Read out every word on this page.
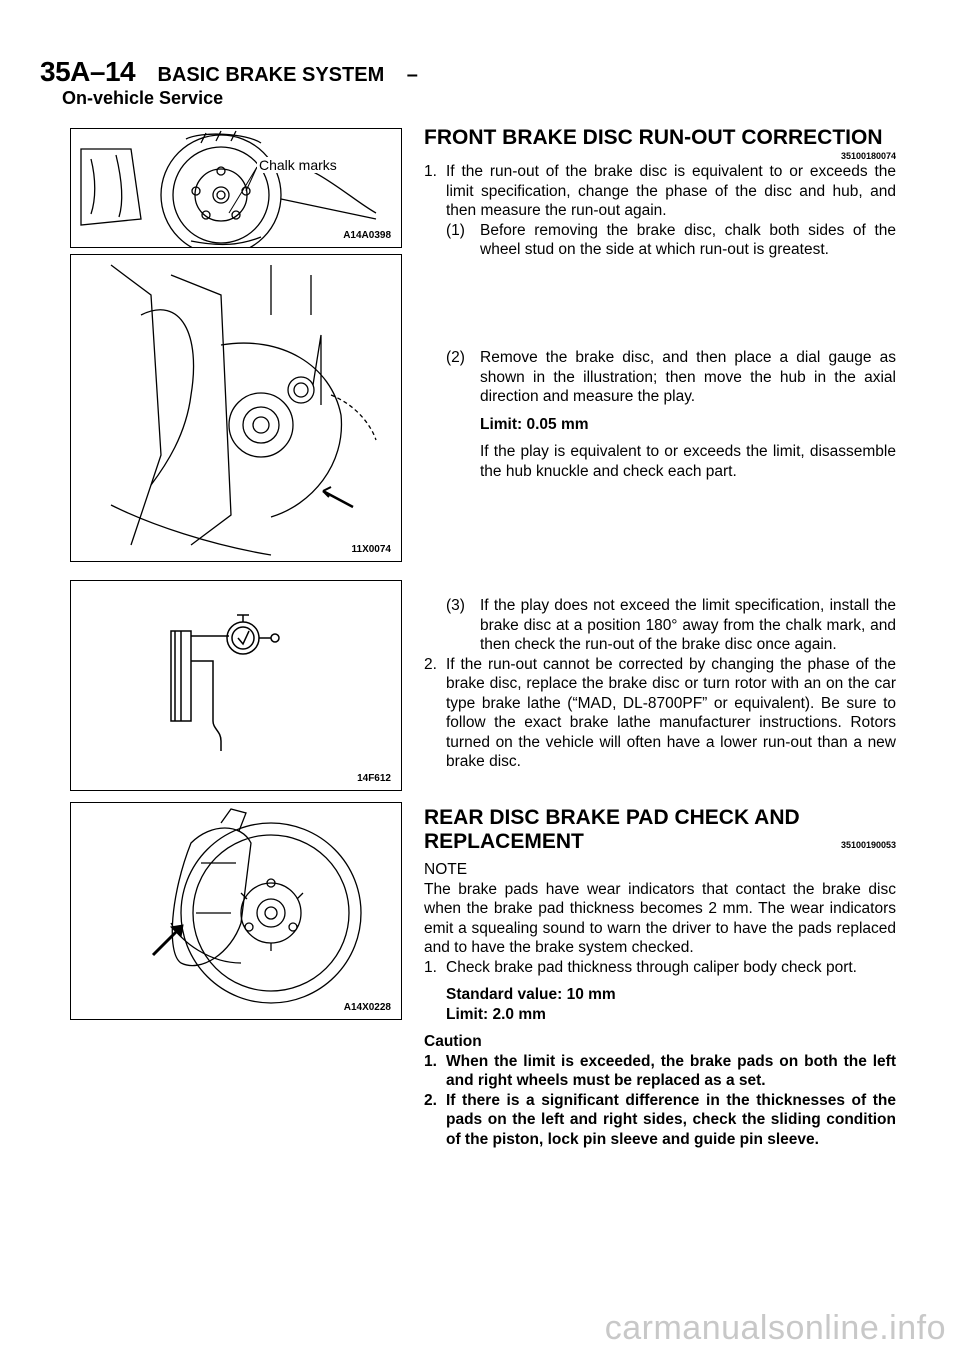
35A–14 BASIC BRAKE SYSTEM –
On-vehicle Service
Chalk marks
A14A0398
11X0074
14F612
A14X0228
FRONT BRAKE DISC RUN-OUT CORRECTION
35100180074
1. If the run-out of the brake disc is equivalent to or exceeds the limit specification, change the phase of the disc and hub, and then measure the run-out again.
(1) Before removing the brake disc, chalk both sides of the wheel stud on the side at which run-out is greatest.
(2) Remove the brake disc, and then place a dial gauge as shown in the illustration; then move the hub in the axial direction and measure the play.

Limit: 0.05 mm

If the play is equivalent to or exceeds the limit, disassemble the hub knuckle and check each part.

(3) If the play does not exceed the limit specification, install the brake disc at a position 180° away from the chalk mark, and then check the run-out of the brake disc once again.
2. If the run-out cannot be corrected by changing the phase of the brake disc, replace the brake disc or turn rotor with an on the car type brake lathe (“MAD, DL-8700PF” or equivalent). Be sure to follow the exact brake lathe manufacturer instructions. Rotors turned on the vehicle will often have a lower run-out than a new brake disc.
REAR DISC BRAKE PAD CHECK AND
REPLACEMENT	35100190053

NOTE

The brake pads have wear indicators that contact the brake disc when the brake pad thickness becomes 2 mm. The wear indicators emit a squealing sound to warn the driver to have the pads replaced and to have the brake system checked.

1. Check brake pad thickness through caliper body check port.

Standard value: 10 mm

Limit: 2.0 mm

Caution

1. When the limit is exceeded, the brake pads on both the left and right wheels must be replaced as a set.
2. If there is a significant difference in the thicknesses of the pads on the left and right sides, check the sliding condition of the piston, lock pin sleeve and guide pin sleeve.
carmanualsonline.info
